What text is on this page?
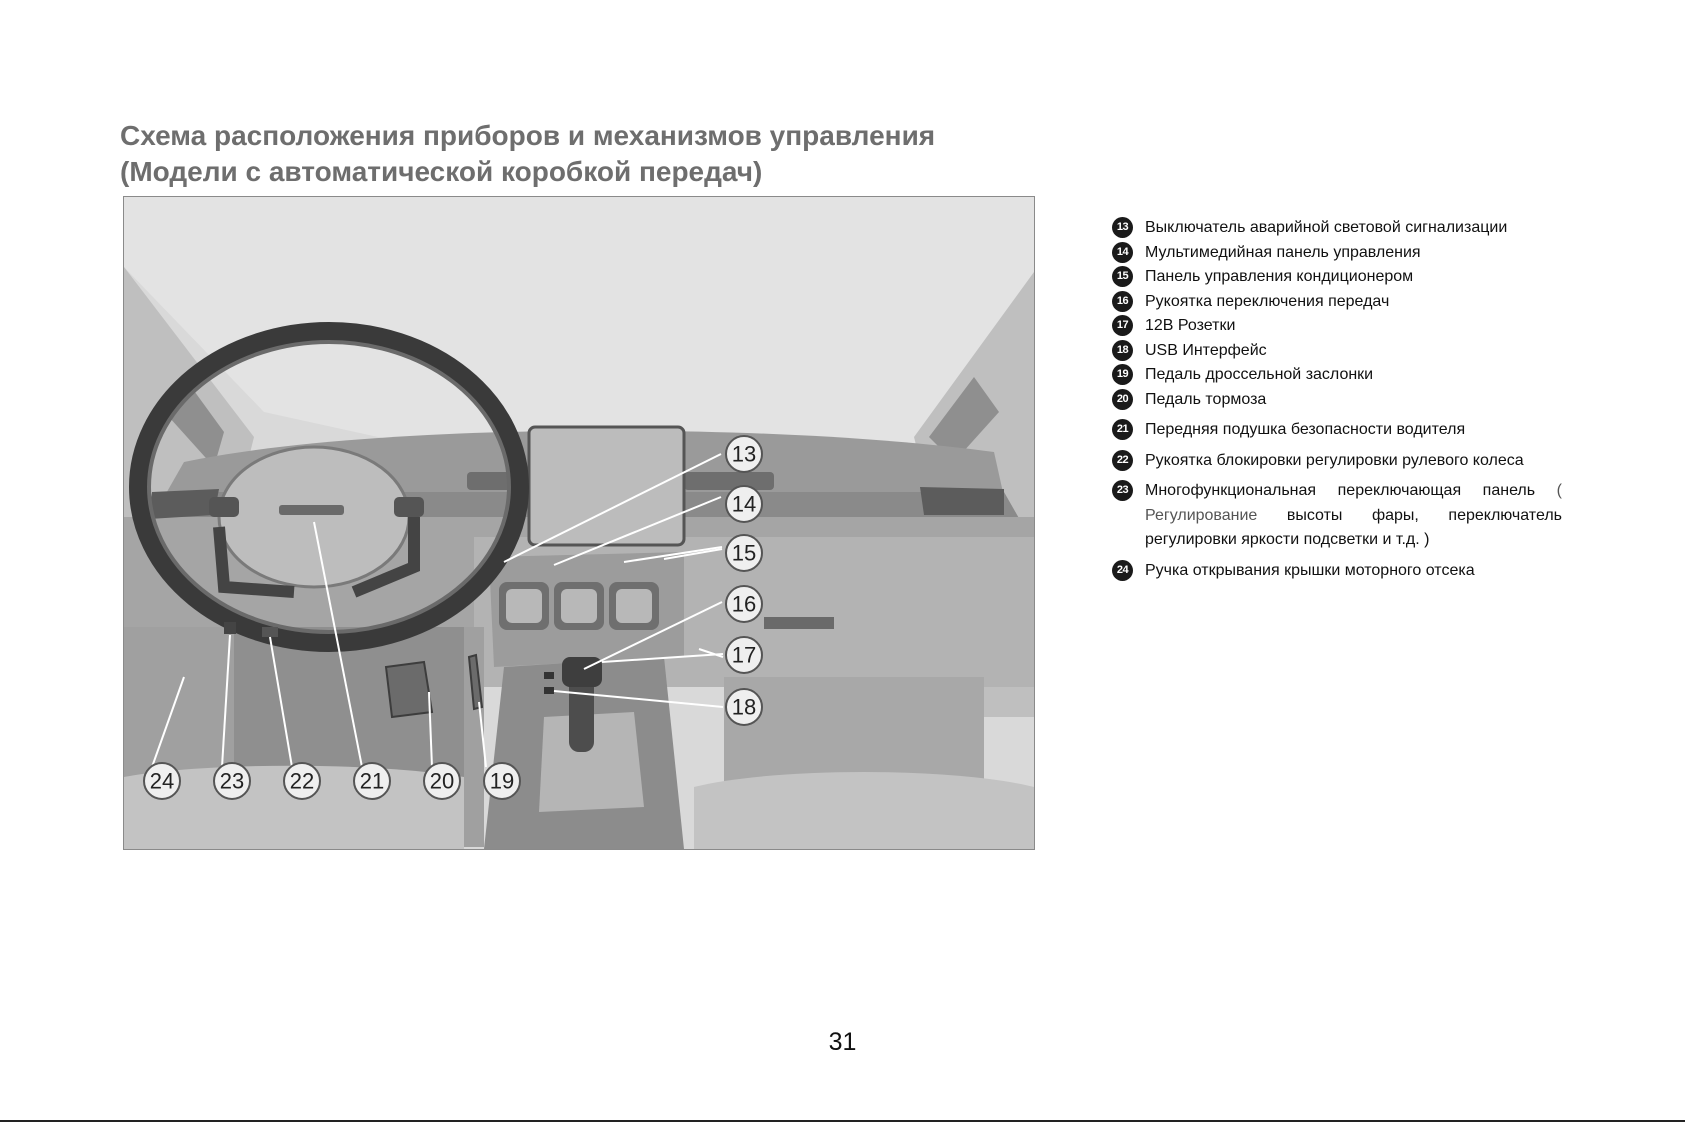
Схема расположения приборов и механизмов управления
(Модели с автоматической коробкой передач)
13
14
15
16
17
18
19
20
21
22
23
24
13	Выключатель аварийной световой сигнализации
14	Мультимедийная панель управления
15	Панель управления кондиционером
16	Рукоятка переключения передач
17	12В Розетки
18	USB Интерфейс
19	Педаль дроссельной заслонки
20	Педаль тормоза
21	Передняя подушка безопасности водителя
22	Рукоятка блокировки регулировки рулевого колеса
23	Многофункциональная переключающая панель ( Регулирование высоты фары, переключатель регулировки яркости подсветки и т.д. )
24	Ручка открывания крышки моторного отсека
31
